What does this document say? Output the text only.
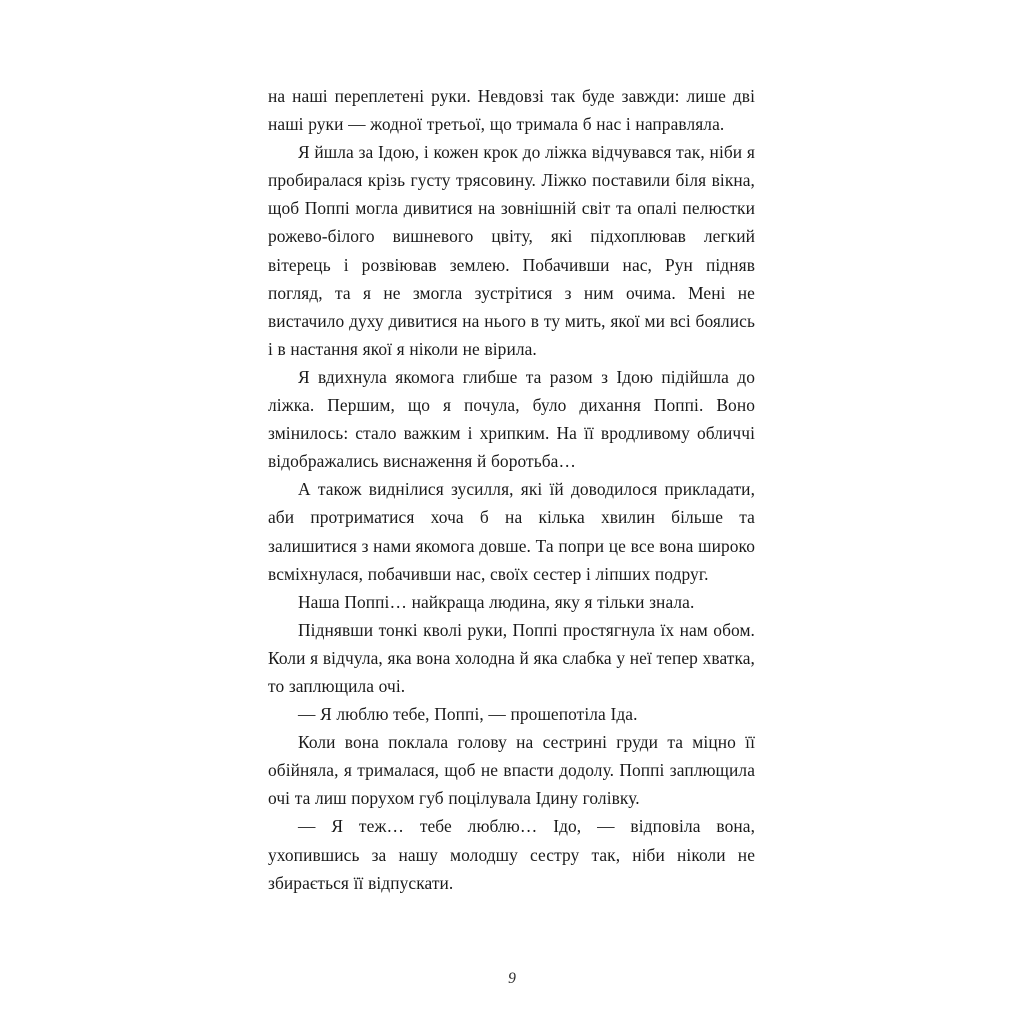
на наші переплетені руки. Невдовзі так буде завжди: лише дві наші руки — жодної третьої, що тримала б нас і направляла.

Я йшла за Ідою, і кожен крок до ліжка відчувався так, ніби я пробиралася крізь густу трясовину. Ліжко поставили біля вікна, щоб Поппі могла дивитися на зовнішній світ та опалі пелюстки рожево-білого вишневого цвіту, які підхоплював легкий вітерець і розвіював землею. Побачивши нас, Рун підняв погляд, та я не змогла зустрітися з ним очима. Мені не вистачило духу дивитися на нього в ту мить, якої ми всі боялись і в настання якої я ніколи не вірила.

Я вдихнула якомога глибше та разом з Ідою підійшла до ліжка. Першим, що я почула, було дихання Поппі. Воно змінилось: стало важким і хрипким. На її вродливому обличчі відображались виснаження й боротьба…

А також виднілися зусилля, які їй доводилося прикладати, аби протриматися хоча б на кілька хвилин більше та залишитися з нами якомога довше. Та попри це все вона широко всміхнулася, побачивши нас, своїх сестер і ліпших подруг.

Наша Поппі… найкраща людина, яку я тільки знала.

Піднявши тонкі кволі руки, Поппі простягнула їх нам обом. Коли я відчула, яка вона холодна й яка слабка у неї тепер хватка, то заплющила очі.

— Я люблю тебе, Поппі, — прошепотіла Іда.

Коли вона поклала голову на сестрині груди та міцно її обійняла, я трималася, щоб не впасти додолу. Поппі заплющила очі та лиш порухом губ поцілувала Ідину голівку.

— Я теж… тебе люблю… Ідо, — відповіла вона, ухопившись за нашу молодшу сестру так, ніби ніколи не збирається її відпускати.

9
